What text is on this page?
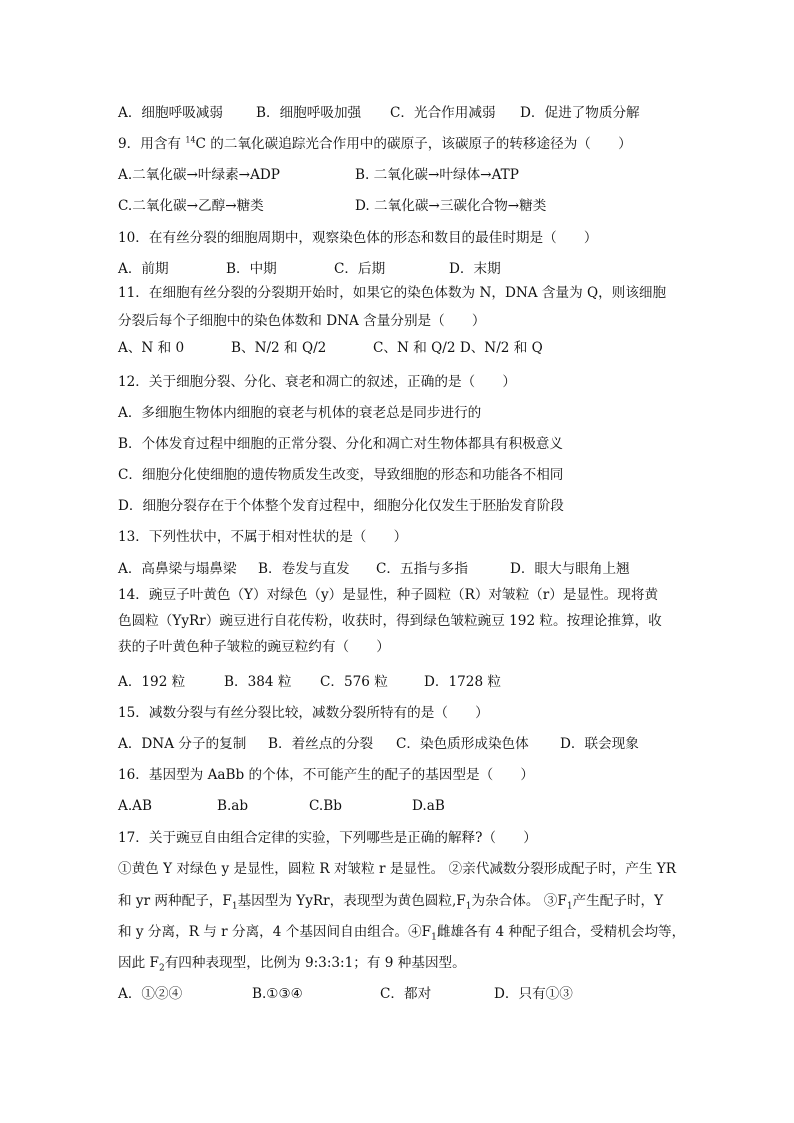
A．细胞呼吸减弱 B．细胞呼吸加强 C．光合作用减弱 D．促进了物质分解
9．用含有 $^{14}$C 的二氧化碳追踪光合作用中的碳原子，该碳原子的转移途径为（　　）
A.二氧化碳→叶绿素→ADP	B. 二氧化碳→叶绿体→ATP
C.二氧化碳→乙醇→糖类	D. 二氧化碳→三碳化合物→糖类
10．在有丝分裂的细胞周期中，观察染色体的形态和数目的最佳时期是（　　）
A．前期	B．中期	C．后期	D．末期
11．在细胞有丝分裂的分裂期开始时，如果它的染色体数为 N，DNA 含量为 Q，则该细胞
分裂后每个子细胞中的染色体数和 DNA 含量分别是（　　）
A、N 和 0	B、N/2 和 Q/2	C、N 和 Q/2 D、N/2 和 Q
12．关于细胞分裂、分化、衰老和凋亡的叙述，正确的是（　　）
A．多细胞生物体内细胞的衰老与机体的衰老总是同步进行的
B．个体发育过程中细胞的正常分裂、分化和凋亡对生物体都具有积极意义
C．细胞分化使细胞的遗传物质发生改变，导致细胞的形态和功能各不相同
D．细胞分裂存在于个体整个发育过程中，细胞分化仅发生于胚胎发育阶段
13．下列性状中，不属于相对性状的是（　　）
A．高鼻梁与塌鼻梁 B．卷发与直发 C．五指与多指	D．眼大与眼角上翘
14．豌豆子叶黄色（Y）对绿色（y）是显性，种子圆粒（R）对皱粒（r）是显性。现将黄
色圆粒（YyRr）豌豆进行自花传粉，收获时，得到绿色皱粒豌豆 192 粒。按理论推算，收
获的子叶黄色种子皱粒的豌豆粒约有（　　）
A．192 粒	B．384 粒 C．576 粒	D．1728 粒
15．减数分裂与有丝分裂比较，减数分裂所特有的是（　　）
A．DNA 分子的复制 B．着丝点的分裂 C．染色质形成染色体 D．联会现象
16．基因型为 AaBb 的个体，不可能产生的配子的基因型是（　　）
A.AB	B.ab	C.Bb	D.aB
17．关于豌豆自由组合定律的实验，下列哪些是正确的解释?（　　）
①黄色 Y 对绿色 y 是显性，圆粒 R 对皱粒 r 是显性。 ②亲代减数分裂形成配子时，产生 YR
和 yr 两种配子，$F_1$基因型为 YyRr，表现型为黄色圆粒$,F_1$为杂合体。 $③F_1$产生配子时，Y
和 y 分离，R 与 r 分离，4 个基因间自由组合。$④F_1$雌雄各有 4 种配子组合，受精机会均等，
因此 $F_2$有四种表现型，比例为 9:3:3:1；有 9 种基因型。
A．①②④	B.①③④	C．都对	D．只有①③
